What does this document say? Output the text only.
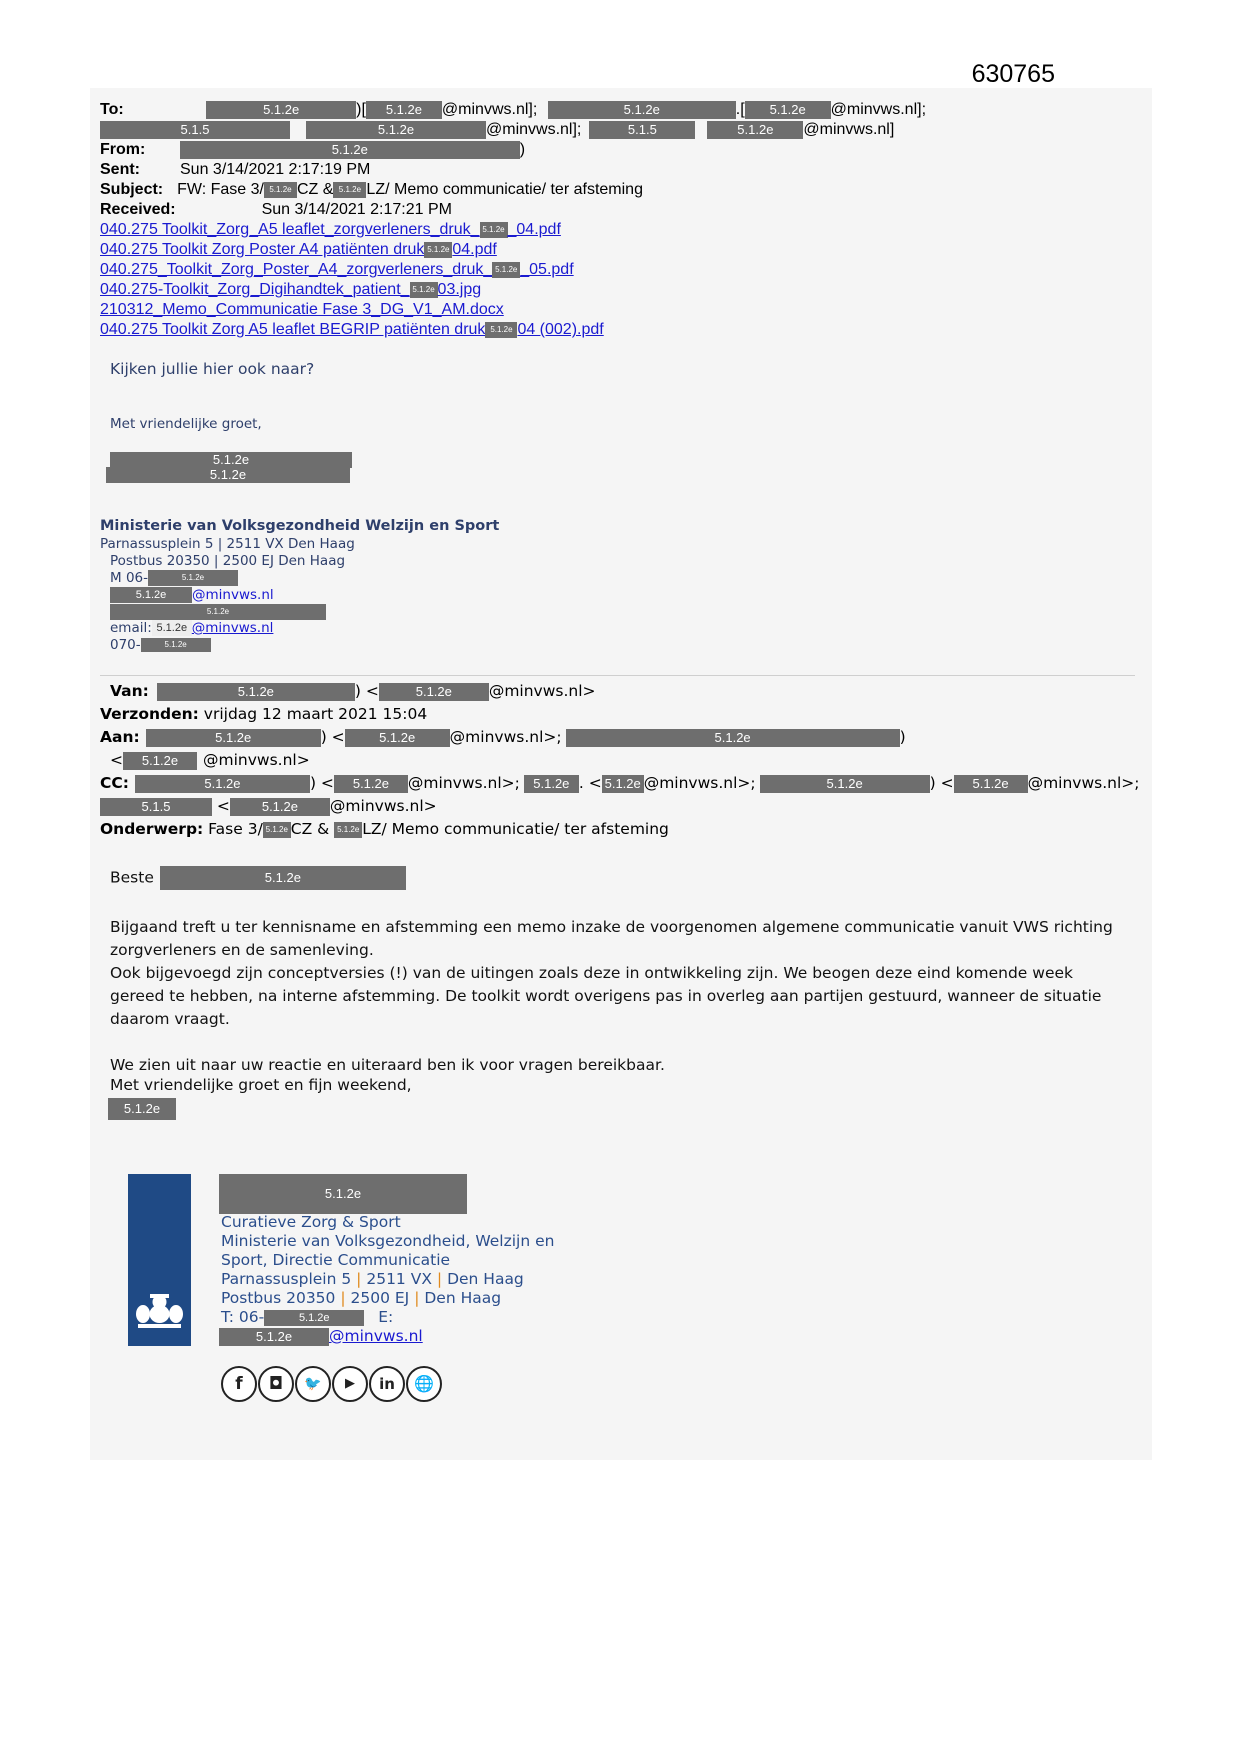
630765
To:	5.1.2e	)[ 5.1.2e @minvws.nl];	5.1.2e	.[ 5.1.2e @minvws.nl];
5.1.5	5.1.2e	@minvws.nl];	5.1.5	5.1.2e @minvws.nl]
From:	5.1.2e	)
Sent:	Sun 3/14/2021 2:17:19 PM
Subject: FW: Fase 3/ 5.1.2e CZ & 5.1.2e LZ/ Memo communicatie/ ter afsteming
Received:	Sun 3/14/2021 2:17:21 PM
040.275 Toolkit_Zorg_A5 leaflet_zorgverleners_druk_ 5.1.2e _04.pdf
040.275 Toolkit Zorg Poster A4 patiënten druk 5.1.2e 04.pdf
040.275_Toolkit_Zorg_Poster_A4_zorgverleners_druk_ 5.1.2e _05.pdf
040.275-Toolkit_Zorg_Digihandtek_patient_ 5.1.2e 03.jpg
210312_Memo_Communicatie Fase 3_DG_V1_AM.docx
040.275 Toolkit Zorg A5 leaflet BEGRIP patiënten druk 5.1.2e 04 (002).pdf
Kijken jullie hier ook naar?
Met vriendelijke groet,
5.1.2e
5.1.2e
Ministerie van Volksgezondheid Welzijn en Sport
Parnassusplein 5 | 2511 VX Den Haag
Postbus 20350 | 2500 EJ Den Haag
M 06-	5.1.2e
5.1.2e @minvws.nl
5.1.2e
email: 5.1.2e @minvws.nl
070-	5.1.2e
Van:	5.1.2e	) <	5.1.2e @minvws.nl>
Verzonden: vrijdag 12 maart 2021 15:04
Aan:	5.1.2e	) <	5.1.2e @minvws.nl>;	5.1.2e	)
< 5.1.2e @minvws.nl>
CC:	5.1.2e	) < 5.1.2e @minvws.nl>; 5.1.2e . < 5.1.2e @minvws.nl>;	5.1.2e	) < 5.1.2e @minvws.nl>;
5.1.5	< 5.1.2e @minvws.nl>
Onderwerp: Fase 3/ 5.1.2e CZ & 5.1.2e LZ/ Memo communicatie/ ter afsteming
Beste	5.1.2e
Bijgaand treft u ter kennisname en afstemming een memo inzake de voorgenomen algemene communicatie vanuit VWS richting zorgverleners en de samenleving.
Ook bijgevoegd zijn conceptversies (!) van de uitingen zoals deze in ontwikkeling zijn. We beogen deze eind komende week gereed te hebben, na interne afstemming. De toolkit wordt overigens pas in overleg aan partijen gestuurd, wanneer de situatie daarom vraagt.
We zien uit naar uw reactie en uiteraard ben ik voor vragen bereikbaar.
Met vriendelijke groet en fijn weekend,
5.1.2e
5.1.2e
Curatieve Zorg & Sport
Ministerie van Volksgezondheid, Welzijn en
Sport, Directie Communicatie
Parnassusplein 5 | 2511 VX | Den Haag
Postbus 20350 | 2500 EJ | Den Haag
T: 06-	5.1.2e	E:
5.1.2e @minvws.nl
f	◘	🐦	▶	in	🌐
